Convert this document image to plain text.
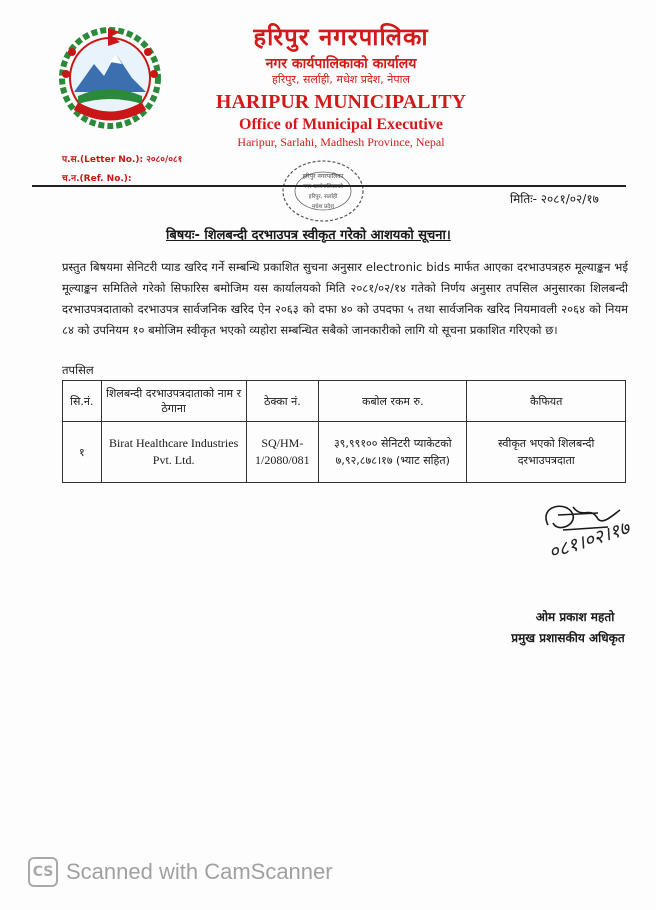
हरिपुर नगरपालिका
नगर कार्यपालिकाको कार्यालय
हरिपुर, सर्लाही, मधेश प्रदेश, नेपाल
HARIPUR MUNICIPALITY
Office of Municipal Executive
Haripur, Sarlahi, Madhesh Province, Nepal
प.स.(Letter No.): २०८०/०८१
च.न.(Ref. No.):	हरिपुर नगरपालिका
नगर कार्यपालिकाको
हरिपुर, सर्लाही
मधेश प्रदेश
मितिः- २०८१/०२/१७
बिषयः- शिलबन्दी दरभाउपत्र स्वीकृत गरेको आशयको सूचना।
प्रस्तुत बिषयमा सेनिटरी प्याड खरिद गर्ने सम्बन्धि प्रकाशित सुचना अनुसार electronic bids मार्फत आएका दरभाउपत्रहरु मूल्याङ्कन भई मूल्याङ्कन समितिले गरेको सिफारिस बमोजिम यस कार्यालयको मिति २०८१/०२/१४ गतेको निर्णय अनुसार तपसिल अनुसारका शिलबन्दी दरभाउपत्रदाताको दरभाउपत्र सार्वजनिक खरिद ऐन २०६३ को दफा ४० को उपदफा ५ तथा सार्वजनिक खरिद नियमावली २०६४ को नियम ८४ को उपनियम १० बमोजिम स्वीकृत भएको व्यहोरा सम्बन्धित सबैको जानकारीको लागि यो सूचना प्रकाशित गरिएको छ।
तपसिल
सि.नं.	शिलबन्दी दरभाउपत्रदाताको नाम र ठेगाना	ठेक्का नं.	कबोल रकम रु.	कैफियत
१	Birat Healthcare Industries Pvt. Ltd.	SQ/HM-1/2080/081	३९,९९१०० सेनिटरी प्याकेटको ७,९२,८७८।१७ (भ्याट सहित)	स्वीकृत भएको शिलबन्दी दरभाउपत्रदाता
०८१।०२।१७
ओम प्रकाश महतो
प्रमुख प्रशासकीय अधिकृत
CS Scanned with CamScanner
